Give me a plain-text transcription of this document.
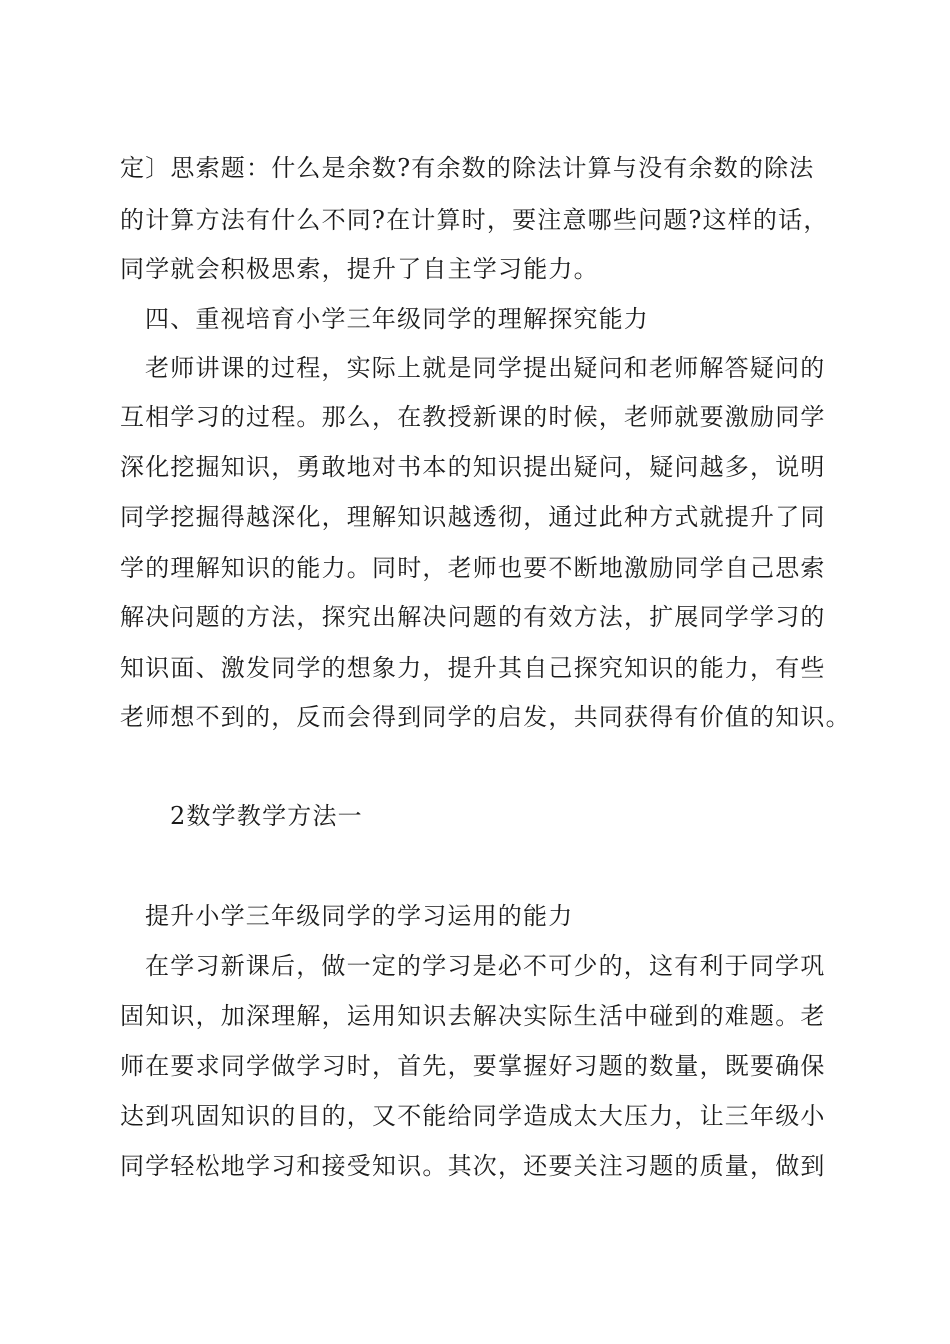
定〕思索题：什么是余数?有余数的除法计算与没有余数的除法
的计算方法有什么不同?在计算时，要注意哪些问题?这样的话，
同学就会积极思索，提升了自主学习能力。
四、重视培育小学三年级同学的理解探究能力
老师讲课的过程，实际上就是同学提出疑问和老师解答疑问的
互相学习的过程。那么，在教授新课的时候，老师就要激励同学
深化挖掘知识，勇敢地对书本的知识提出疑问，疑问越多，说明
同学挖掘得越深化，理解知识越透彻，通过此种方式就提升了同
学的理解知识的能力。同时，老师也要不断地激励同学自己思索
解决问题的方法，探究出解决问题的有效方法，扩展同学学习的
知识面、激发同学的想象力，提升其自己探究知识的能力，有些
老师想不到的，反而会得到同学的启发，共同获得有价值的知识。
2数学教学方法一
提升小学三年级同学的学习运用的能力
在学习新课后，做一定的学习是必不可少的，这有利于同学巩
固知识，加深理解，运用知识去解决实际生活中碰到的难题。老
师在要求同学做学习时，首先，要掌握好习题的数量，既要确保
达到巩固知识的目的，又不能给同学造成太大压力，让三年级小
同学轻松地学习和接受知识。其次，还要关注习题的质量，做到
